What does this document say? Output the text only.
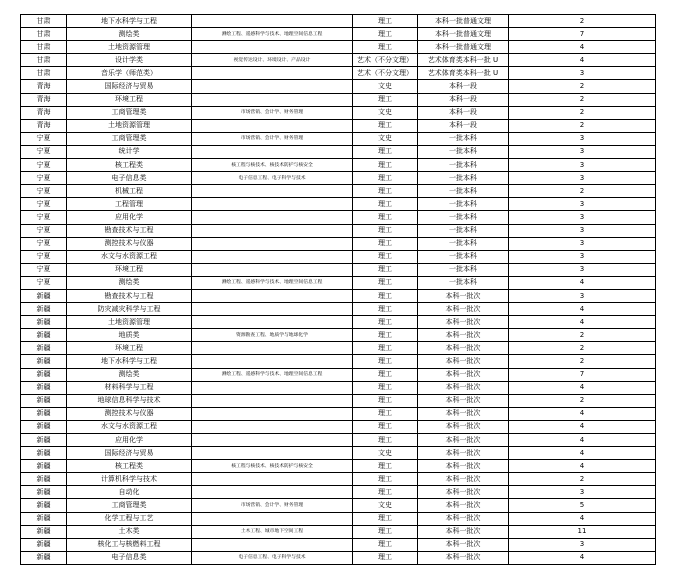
甘肃	地下水科学与工程		理工	本科一批普通文理	2
甘肃	测绘类	测绘工程、遥感科学与技术、地理空间信息工程	理工	本科一批普通文理	7
甘肃	土地资源管理		理工	本科一批普通文理	4
甘肃	设计学类	视觉传达设计、环境设计、产品设计	艺术（不分文理）	艺术体育类本科一批 U	4
甘肃	音乐学（师范类）		艺术（不分文理）	艺术体育类本科一批 U	3
青海	国际经济与贸易		文史	本科一段	2
青海	环境工程		理工	本科一段	2
青海	工商管理类	市场营销、会计学、财务管理	文史	本科一段	2
青海	土地资源管理		理工	本科一段	2
宁夏	工商管理类	市场营销、会计学、财务管理	文史	一批本科	3
宁夏	统计学		理工	一批本科	3
宁夏	核工程类	核工程与核技术、核技术防护与核安全	理工	一批本科	3
宁夏	电子信息类	电子信息工程、电子科学与技术	理工	一批本科	3
宁夏	机械工程		理工	一批本科	2
宁夏	工程管理		理工	一批本科	3
宁夏	应用化学		理工	一批本科	3
宁夏	勘查技术与工程		理工	一批本科	3
宁夏	测控技术与仪器		理工	一批本科	3
宁夏	水文与水资源工程		理工	一批本科	3
宁夏	环境工程		理工	一批本科	3
宁夏	测绘类	测绘工程、遥感科学与技术、地理空间信息工程	理工	一批本科	4
新疆	勘查技术与工程		理工	本科一批次	3
新疆	防灾减灾科学与工程		理工	本科一批次	4
新疆	土地资源管理		理工	本科一批次	4
新疆	地质类	资源勘查工程、地质学与地球化学	理工	本科一批次	2
新疆	环境工程		理工	本科一批次	2
新疆	地下水科学与工程		理工	本科一批次	2
新疆	测绘类	测绘工程、遥感科学与技术、地理空间信息工程	理工	本科一批次	7
新疆	材料科学与工程		理工	本科一批次	4
新疆	地球信息科学与技术		理工	本科一批次	2
新疆	测控技术与仪器		理工	本科一批次	4
新疆	水文与水资源工程		理工	本科一批次	4
新疆	应用化学		理工	本科一批次	4
新疆	国际经济与贸易		文史	本科一批次	4
新疆	核工程类	核工程与核技术、核技术防护与核安全	理工	本科一批次	4
新疆	计算机科学与技术		理工	本科一批次	2
新疆	自动化		理工	本科一批次	3
新疆	工商管理类	市场营销、会计学、财务管理	文史	本科一批次	5
新疆	化学工程与工艺		理工	本科一批次	4
新疆	土木类	土木工程、城市地下空间工程	理工	本科一批次	11
新疆	核化工与核燃料工程		理工	本科一批次	3
新疆	电子信息类	电子信息工程、电子科学与技术	理工	本科一批次	4
